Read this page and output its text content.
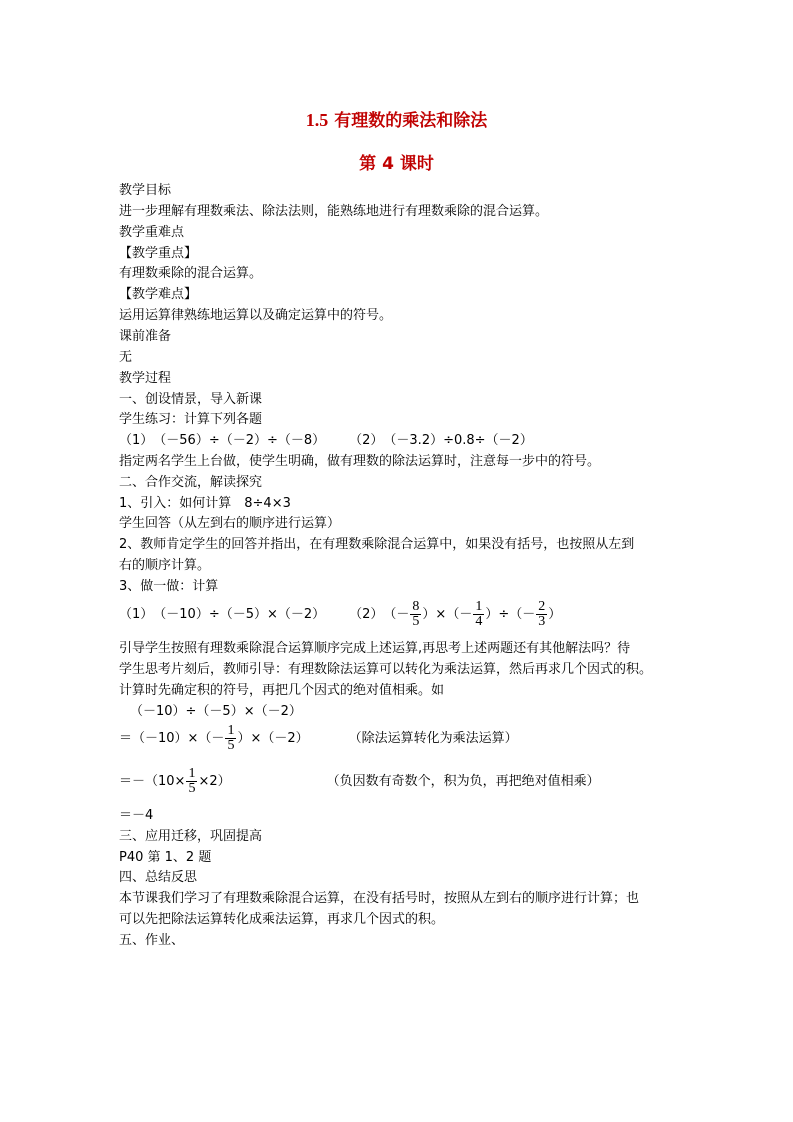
1.5 有理数的乘法和除法
第 4 课时
教学目标
进一步理解有理数乘法、除法法则，能熟练地进行有理数乘除的混合运算。
教学重难点
【教学重点】
有理数乘除的混合运算。
【教学难点】
运用运算律熟练地运算以及确定运算中的符号。
课前准备
无
教学过程
一、创设情景，导入新课
学生练习：计算下列各题
（1）　（－56）÷（－2）÷（－8） （2）　（－3.2）÷0.8÷（－2）
指定两名学生上台做，使学生明确，做有理数的除法运算时，注意每一步中的符号。
二、合作交流，解读探究
1、引入：如何计算　8÷4×3
学生回答（从左到右的顺序进行运算）
2、教师肯定学生的回答并指出，在有理数乘除混合运算中，如果没有括号，也按照从左到
右的顺序计算。
3、做一做：计算
（1）　（－10）÷（－5）×（－2） （2）　（－ $\frac{8}{5}$ ）×（－ $\frac{1}{4}$ ）÷（－ $\frac{2}{3}$ ）
引导学生按照有理数乘除混合运算顺序完成上述运算,再思考上述两题还有其他解法吗？待
学生思考片刻后，教师引导：有理数除法运算可以转化为乘法运算，然后再求几个因式的积。
计算时先确定积的符号，再把几个因式的绝对值相乘。如
（－10）÷（－5）×（－2）
$=(-10)\times(- \frac{1}{5} )\times(-2)$	（除法运算转化为乘法运算）
$=-(10\times \frac{1}{5} \times 2)$	（负因数有奇数个，积为负，再把绝对值相乘）
＝－4
三、应用迁移，巩固提高
P40 第 1、2 题
四、总结反思
本节课我们学习了有理数乘除混合运算，在没有括号时，按照从左到右的顺序进行计算；也
可以先把除法运算转化成乘法运算，再求几个因式的积。
五、作业、
